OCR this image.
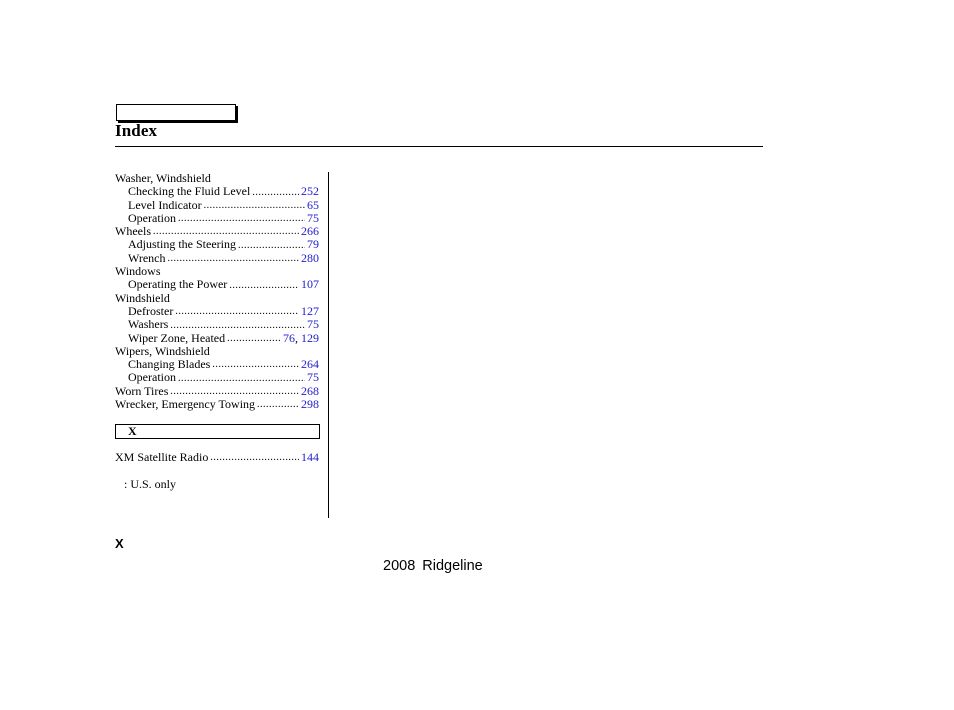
Index
Washer, Windshield
Checking the Fluid Level .....	252
Level Indicator .....	65
Operation .....	75
Wheels .....	266
Adjusting the Steering .....	79
Wrench .....	280
Windows
Operating the Power .....	107
Windshield
Defroster .....	127
Washers .....	75
Wiper Zone, Heated .....	76, 129
Wipers, Windshield
Changing Blades .....	264
Operation .....	75
Worn Tires .....	268
Wrecker, Emergency Towing .....	298
X
XM Satellite Radio .....	144
: U.S. only
X
2008 Ridgeline
